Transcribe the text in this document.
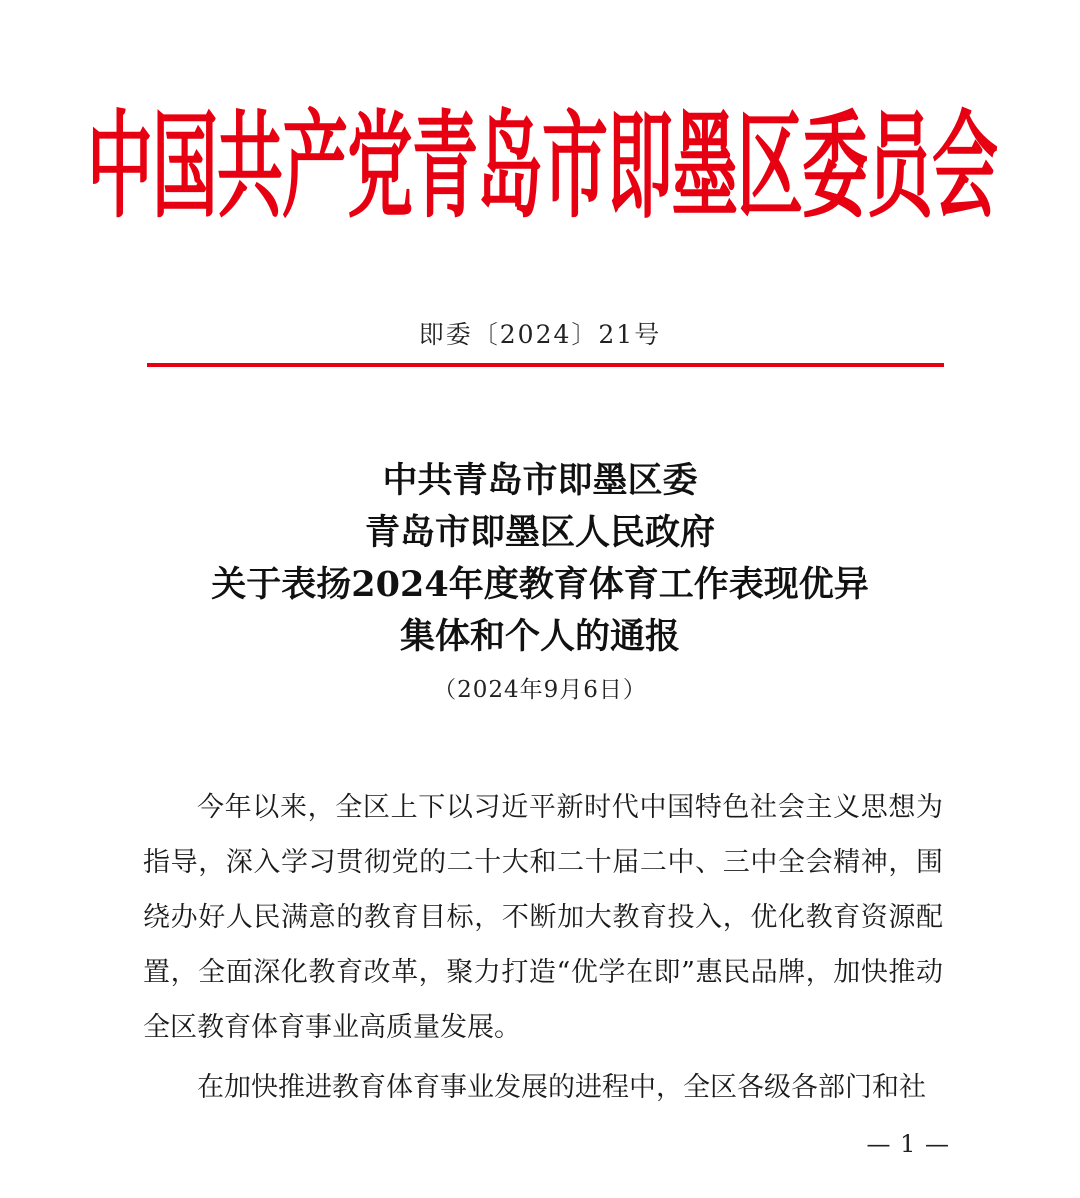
中国共产党青岛市即墨区委员会
即委〔2024〕21号
中共青岛市即墨区委
青岛市即墨区人民政府
关于表扬2024年度教育体育工作表现优异
集体和个人的通报
（2024年9月6日）

今年以来，全区上下以习近平新时代中国特色社会主义思想为指导，深入学习贯彻党的二十大和二十届二中、三中全会精神，围绕办好人民满意的教育目标，不断加大教育投入，优化教育资源配置，全面深化教育改革，聚力打造“优学在即”惠民品牌，加快推动全区教育体育事业高质量发展。

在加快推进教育体育事业发展的进程中，全区各级各部门和社

— 1 —
